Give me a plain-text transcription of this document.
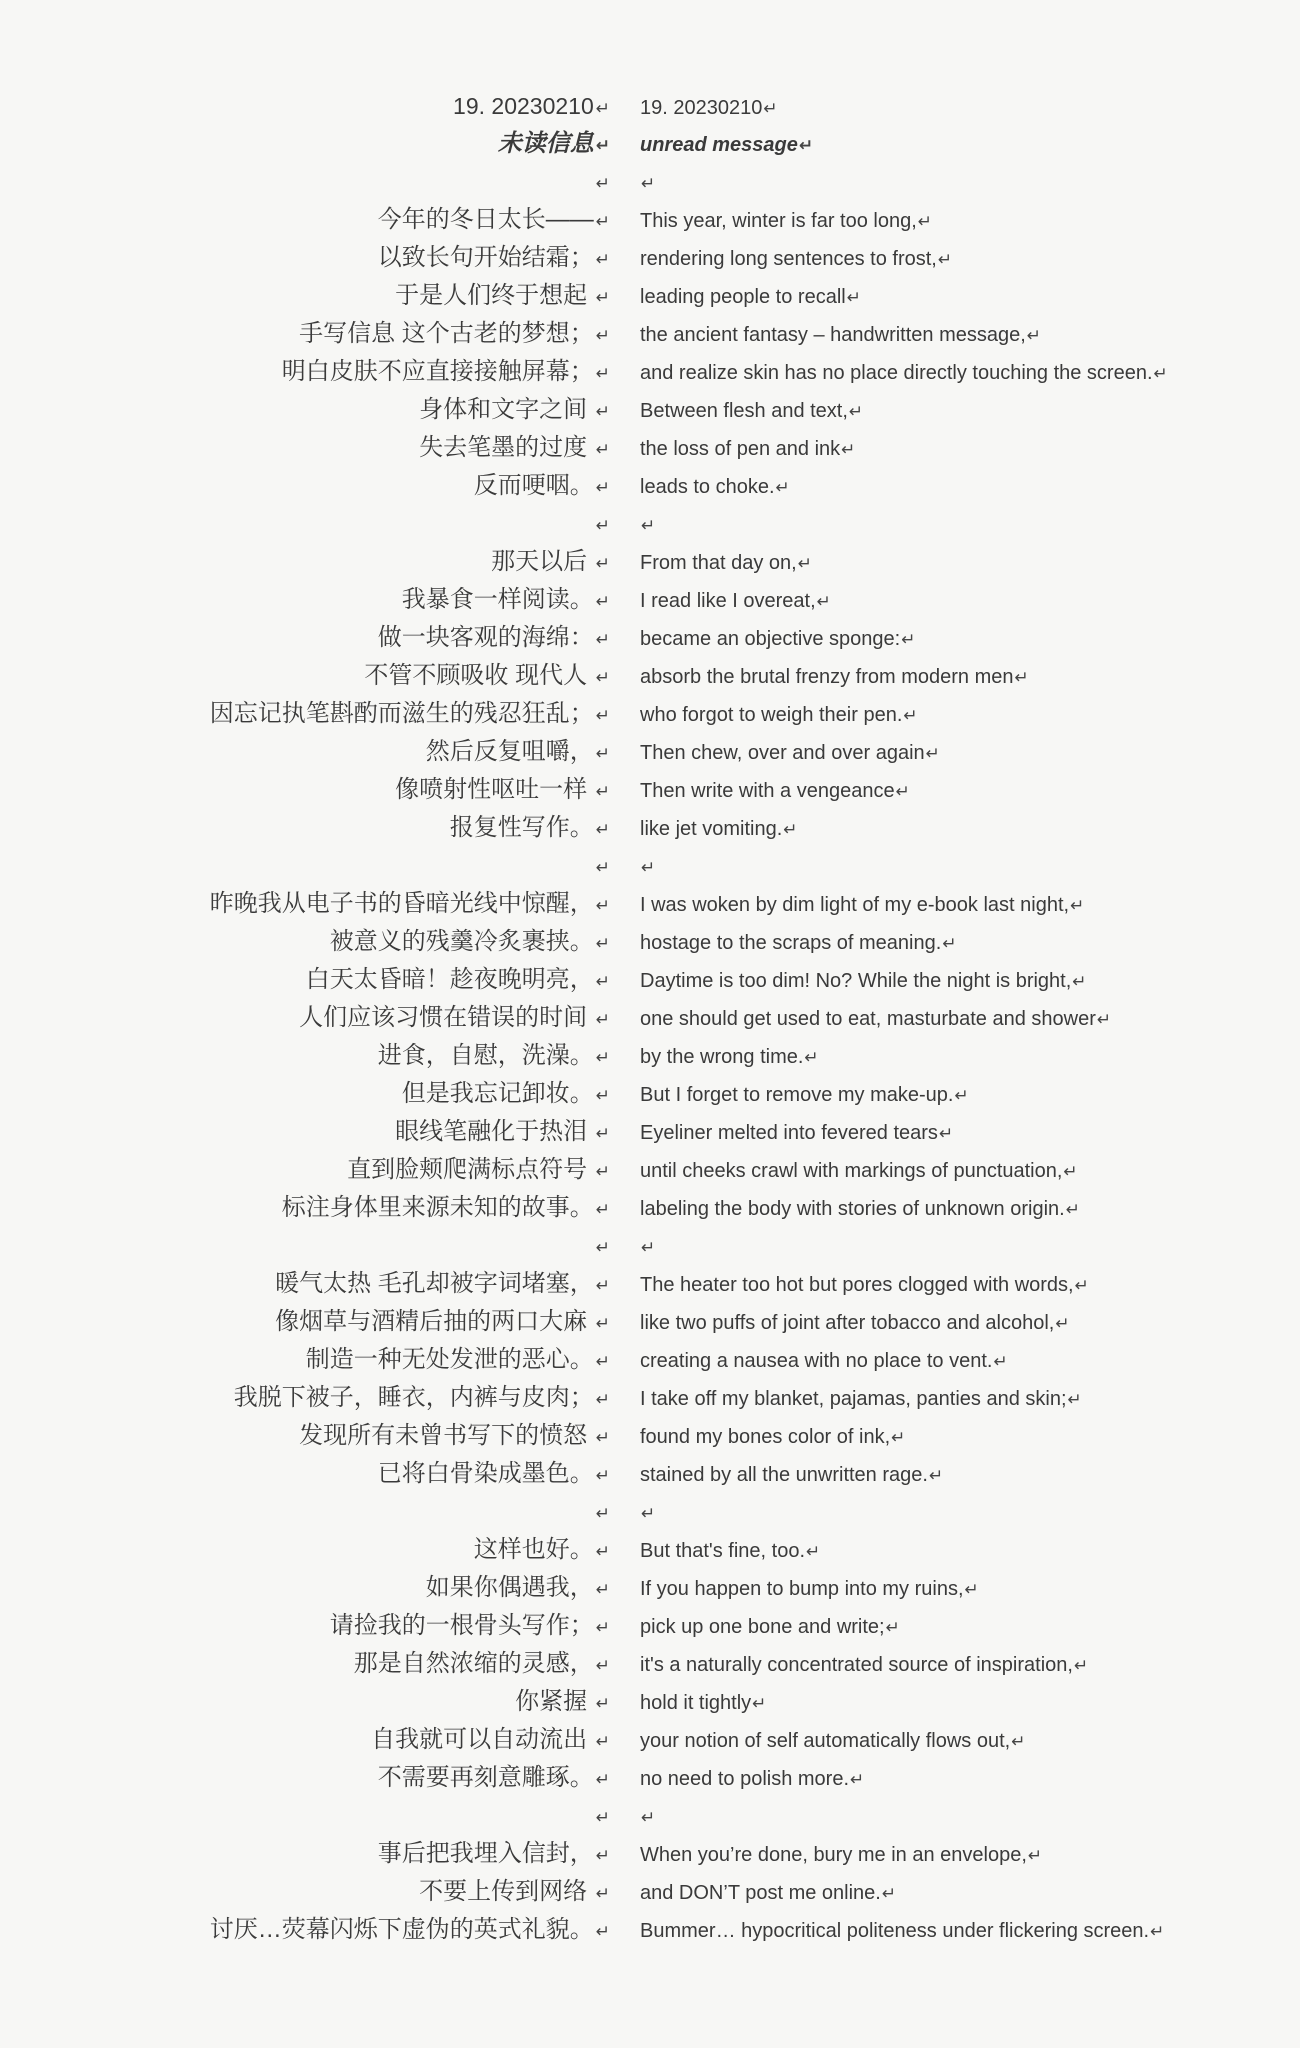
19. 20230210 ↵ 19. 20230210↵
未读信息 ↵ unread message↵
↵ ↵
今年的冬日太长—— ↵ This year, winter is far too long,↵
以致长句开始结霜； ↵ rendering long sentences to frost,↵
于是人们终于想起 ↵ leading people to recall↵
手写信息 这个古老的梦想； ↵ the ancient fantasy – handwritten message,↵
明白皮肤不应直接接触屏幕； ↵ and realize skin has no place directly touching the screen.↵
身体和文字之间 ↵ Between flesh and text,↵
失去笔墨的过度 ↵ the loss of pen and ink↵
反而哽咽。 ↵ leads to choke.↵
↵ ↵
那天以后 ↵ From that day on,↵
我暴食一样阅读。 ↵ I read like I overeat,↵
做一块客观的海绵： ↵ became an objective sponge:↵
不管不顾吸收 现代人 ↵ absorb the brutal frenzy from modern men↵
因忘记执笔斟酌而滋生的残忍狂乱； ↵ who forgot to weigh their pen.↵
然后反复咀嚼， ↵ Then chew, over and over again↵
像喷射性呕吐一样 ↵ Then write with a vengeance↵
报复性写作。 ↵ like jet vomiting.↵
↵ ↵
昨晚我从电子书的昏暗光线中惊醒， ↵ I was woken by dim light of my e-book last night,↵
被意义的残羹冷炙裹挟。 ↵ hostage to the scraps of meaning.↵
白天太昏暗！趁夜晚明亮， ↵ Daytime is too dim! No? While the night is bright,↵
人们应该习惯在错误的时间 ↵ one should get used to eat, masturbate and shower↵
进食，自慰，洗澡。 ↵ by the wrong time.↵
但是我忘记卸妆。 ↵ But I forget to remove my make-up.↵
眼线笔融化于热泪 ↵ Eyeliner melted into fevered tears↵
直到脸颊爬满标点符号 ↵ until cheeks crawl with markings of punctuation,↵
标注身体里来源未知的故事。 ↵ labeling the body with stories of unknown origin.↵
↵ ↵
暖气太热 毛孔却被字词堵塞， ↵ The heater too hot but pores clogged with words,↵
像烟草与酒精后抽的两口大麻 ↵ like two puffs of joint after tobacco and alcohol,↵
制造一种无处发泄的恶心。 ↵ creating a nausea with no place to vent.↵
我脱下被子，睡衣，内裤与皮肉； ↵ I take off my blanket, pajamas, panties and skin;↵
发现所有未曾书写下的愤怒 ↵ found my bones color of ink,↵
已将白骨染成墨色。 ↵ stained by all the unwritten rage.↵
↵ ↵
这样也好。 ↵ But that's fine, too.↵
如果你偶遇我， ↵ If you happen to bump into my ruins,↵
请捡我的一根骨头写作； ↵ pick up one bone and write;↵
那是自然浓缩的灵感， ↵ it's a naturally concentrated source of inspiration,↵
你紧握 ↵ hold it tightly↵
自我就可以自动流出 ↵ your notion of self automatically flows out,↵
不需要再刻意雕琢。 ↵ no need to polish more.↵
↵ ↵
事后把我埋入信封， ↵ When you’re done, bury me in an envelope,↵
不要上传到网络 ↵ and DON’T post me online.↵
讨厌…荧幕闪烁下虚伪的英式礼貌。 ↵ Bummer… hypocritical politeness under flickering screen.↵
